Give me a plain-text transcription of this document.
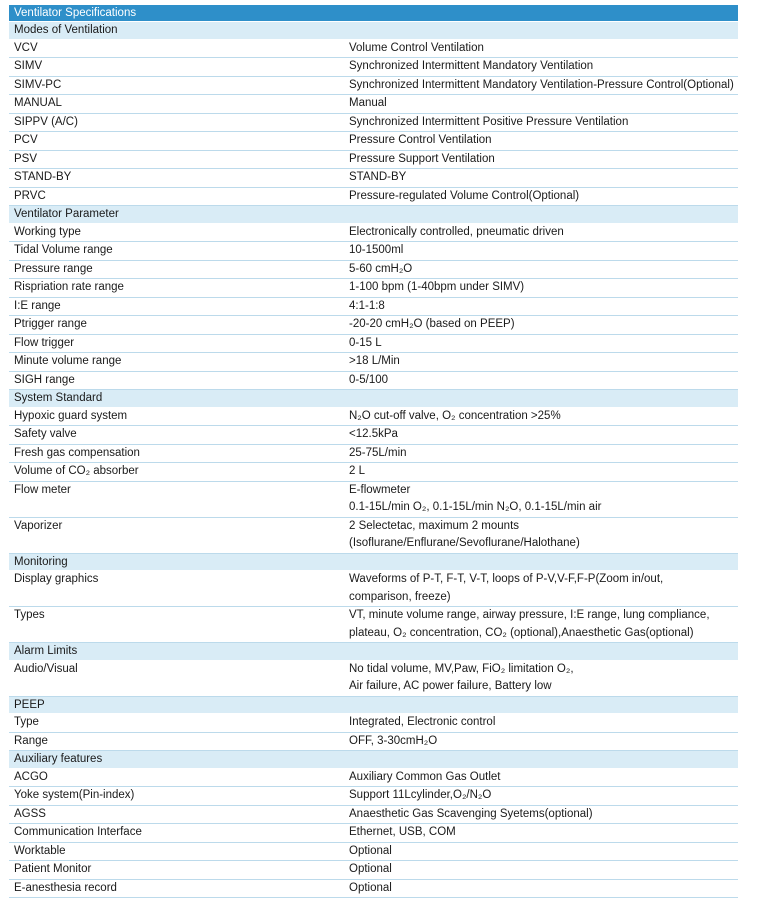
Ventilator Specifications
Modes of Ventilation
VCV	Volume Control Ventilation
SIMV	Synchronized Intermittent Mandatory Ventilation
SIMV-PC	Synchronized Intermittent Mandatory Ventilation-Pressure Control(Optional)
MANUAL	Manual
SIPPV (A/C)	Synchronized Intermittent Positive Pressure Ventilation
PCV	Pressure Control Ventilation
PSV	Pressure Support Ventilation
STAND-BY	STAND-BY
PRVC	Pressure-regulated Volume Control(Optional)
Ventilator Parameter
Working type	Electronically controlled, pneumatic driven
Tidal Volume range	10-1500ml
Pressure range	5-60 cmH₂O
Rispriation rate range	1-100 bpm (1-40bpm under SIMV)
I:E range	4:1-1:8
Ptrigger range	-20-20 cmH₂O (based on PEEP)
Flow trigger	0-15 L
Minute volume range	>18 L/Min
SIGH range	0-5/100
System Standard
Hypoxic guard system	N₂O cut-off valve, O₂ concentration >25%
Safety valve	<12.5kPa
Fresh gas compensation	25-75L/min
Volume of CO₂ absorber	2 L
Flow meter	E-flowmeter
0.1-15L/min O₂, 0.1-15L/min N₂O, 0.1-15L/min air
Vaporizer	2 Selectetac, maximum 2 mounts
(Isoflurane/Enflurane/Sevoflurane/Halothane)
Monitoring
Display graphics	Waveforms of P-T, F-T, V-T, loops of P-V,V-F,F-P(Zoom in/out,
comparison, freeze)
Types	VT, minute volume range, airway pressure, I:E range, lung compliance,
plateau, O₂ concentration, CO₂ (optional),Anaesthetic Gas(optional)
Alarm Limits
Audio/Visual	No tidal volume, MV,Paw, FiO₂ limitation O₂,
Air failure, AC power failure, Battery low
PEEP
Type	Integrated, Electronic control
Range	OFF, 3-30cmH₂O
Auxiliary features
ACGO	Auxiliary Common Gas Outlet
Yoke system(Pin-index)	Support 11Lcylinder,O₂/N₂O
AGSS	Anaesthetic Gas Scavenging Syetems(optional)
Communication Interface	Ethernet, USB, COM
Worktable	Optional
Patient Monitor	Optional
E-anesthesia record	Optional
